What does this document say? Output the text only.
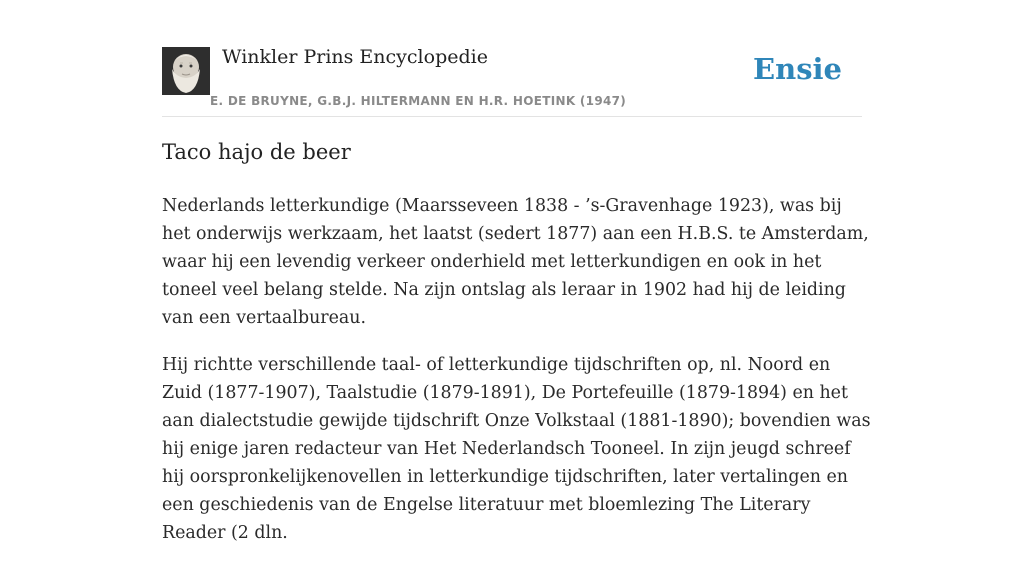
Winkler Prins Encyclopedie
E. DE BRUYNE, G.B.J. HILTERMANN EN H.R. HOETINK (1947)
Ensie
Taco hajo de beer

Nederlands letterkundige (Maarsseveen 1838 - ’s-Gravenhage 1923), was bij het onderwijs werkzaam, het laatst (sedert 1877) aan een H.B.S. te Amsterdam, waar hij een levendig verkeer onderhield met letterkundigen en ook in het toneel veel belang stelde. Na zijn ontslag als leraar in 1902 had hij de leiding van een vertaalbureau.

Hij richtte verschillende taal- of letterkundige tijdschriften op, nl. Noord en Zuid (1877-1907), Taalstudie (1879-1891), De Portefeuille (1879-1894) en het aan dialectstudie gewijde tijdschrift Onze Volkstaal (1881-1890); bovendien was hij enige jaren redacteur van Het Nederlandsch Tooneel. In zijn jeugd schreef hij oorspronkelijkenovellen in letterkundige tijdschriften, later vertalingen en een geschiedenis van de Engelse literatuur met bloemlezing The Literary Reader (2 dln.
